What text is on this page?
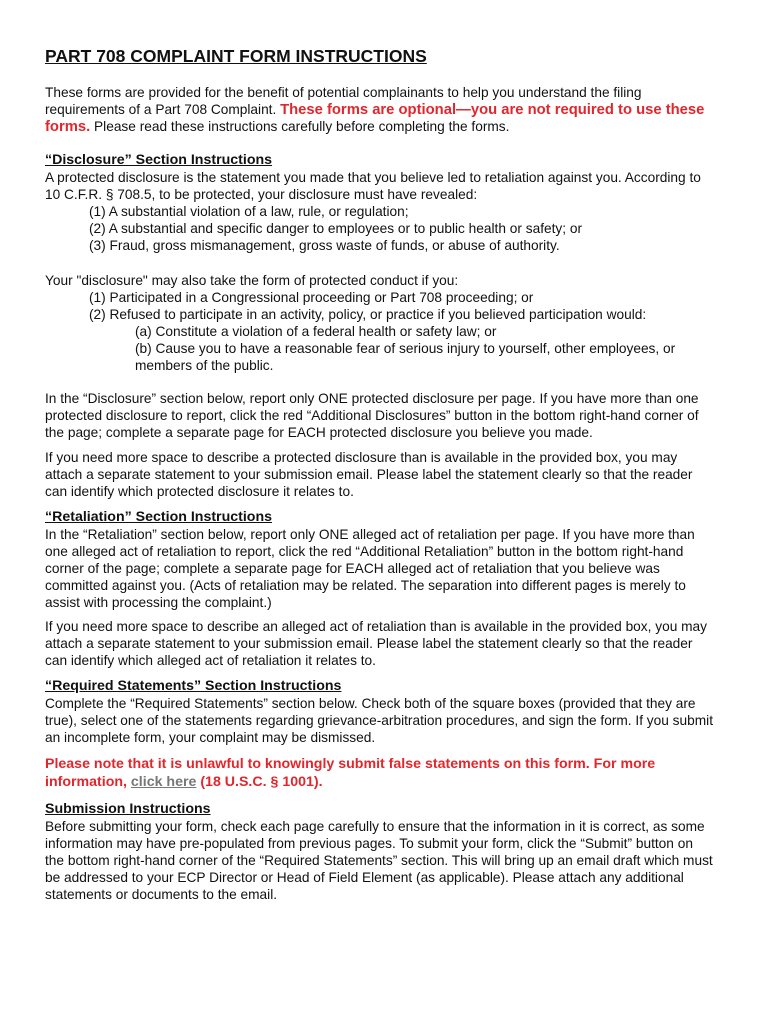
PART 708 COMPLAINT FORM INSTRUCTIONS
These forms are provided for the benefit of potential complainants to help you understand the filing
requirements of a Part 708 Complaint. These forms are optional—you are not required to use these
forms. Please read these instructions carefully before completing the forms.
“Disclosure” Section Instructions
A protected disclosure is the statement you made that you believe led to retaliation against you. According to
10 C.F.R. § 708.5, to be protected, your disclosure must have revealed:
(1) A substantial violation of a law, rule, or regulation;
(2) A substantial and specific danger to employees or to public health or safety; or
(3) Fraud, gross mismanagement, gross waste of funds, or abuse of authority.
Your "disclosure" may also take the form of protected conduct if you:
(1) Participated in a Congressional proceeding or Part 708 proceeding; or
(2) Refused to participate in an activity, policy, or practice if you believed participation would:
(a) Constitute a violation of a federal health or safety law; or
(b) Cause you to have a reasonable fear of serious injury to yourself, other employees, or
members of the public.
In the “Disclosure” section below, report only ONE protected disclosure per page. If you have more than one
protected disclosure to report, click the red “Additional Disclosures” button in the bottom right-hand corner of
the page; complete a separate page for EACH protected disclosure you believe you made.
If you need more space to describe a protected disclosure than is available in the provided box, you may
attach a separate statement to your submission email. Please label the statement clearly so that the reader
can identify which protected disclosure it relates to.
“Retaliation” Section Instructions
In the “Retaliation” section below, report only ONE alleged act of retaliation per page. If you have more than
one alleged act of retaliation to report, click the red “Additional Retaliation” button in the bottom right-hand
corner of the page; complete a separate page for EACH alleged act of retaliation that you believe was
committed against you. (Acts of retaliation may be related. The separation into different pages is merely to
assist with processing the complaint.)
If you need more space to describe an alleged act of retaliation than is available in the provided box, you may
attach a separate statement to your submission email. Please label the statement clearly so that the reader
can identify which alleged act of retaliation it relates to.
“Required Statements” Section Instructions
Complete the “Required Statements” section below. Check both of the square boxes (provided that they are
true), select one of the statements regarding grievance-arbitration procedures, and sign the form. If you submit
an incomplete form, your complaint may be dismissed.
Please note that it is unlawful to knowingly submit false statements on this form. For more
information, click here (18 U.S.C. § 1001).
Submission Instructions
Before submitting your form, check each page carefully to ensure that the information in it is correct, as some
information may have pre-populated from previous pages. To submit your form, click the “Submit” button on
the bottom right-hand corner of the “Required Statements” section. This will bring up an email draft which must
be addressed to your ECP Director or Head of Field Element (as applicable). Please attach any additional
statements or documents to the email.
